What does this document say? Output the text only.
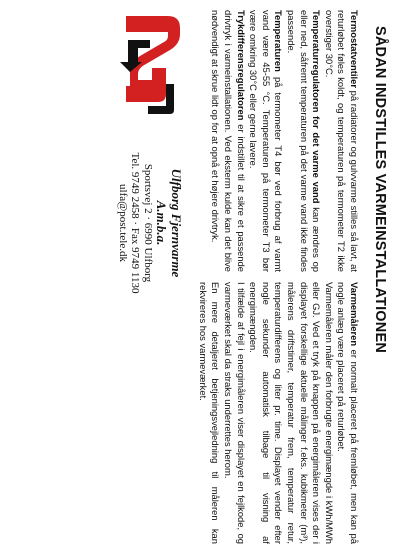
SÅDAN INDSTILLES VARMEINSTALLATIONEN

Termostatventiler på radiatorer og gulvvarme stilles så lavt, at returløbet føles koldt, og temperaturen på termometer T2 ikke overstiger 30°C.

Temperaturregulatoren for det varme vand kan ændres op eller ned, såfremt temperaturen på det varme vand ikke findes passende.

Temperaturen på termometer T4 bør ved forbrug af varmt vand være 45-55 °C. Temperaturen på termometer T3 bør være omkring 30°C eller gerne lavere.

Trykdifferensregulatoren er indstillet til at sikre et passende drivtryk i varmeinstallationen. Ved eksterm kulde kan det blive nødvendigt at skrue lidt op for at opnå et højere drivtryk.

Varmemåleren er normalt placeret på fremløbet, men kan på nogle anlæg være placeret på returløbet.

Varmemåleren måler den forbrugte energimængde i kWh/MWh eller GJ. Ved et tryk på knappen på energimåleren vises der i displayet forskellige aktuelle målinger f.eks. kubikmeter (m³), målerens driftstimer, temperatur frem, temperatur retur, temperaturdifferens og liter pr. time. Displayet vender efter nogle sekunder automatisk tilbage til visning af energimængden.

I tilfælde af fejl i energimåleren viser displayet en fejlkode, og varmeværket skal da straks underrettes herom.

En mere detaljeret betjeningsvejledning til måleren kan rekvireres hos varmeværket.

Ulfborg Fjernvarme A.m.b.a.
Sportsvej 2 · 6990 Ulfborg
Tel. 9749 2458 · Fax 9749 1130
ulfa@post.tele.dk
